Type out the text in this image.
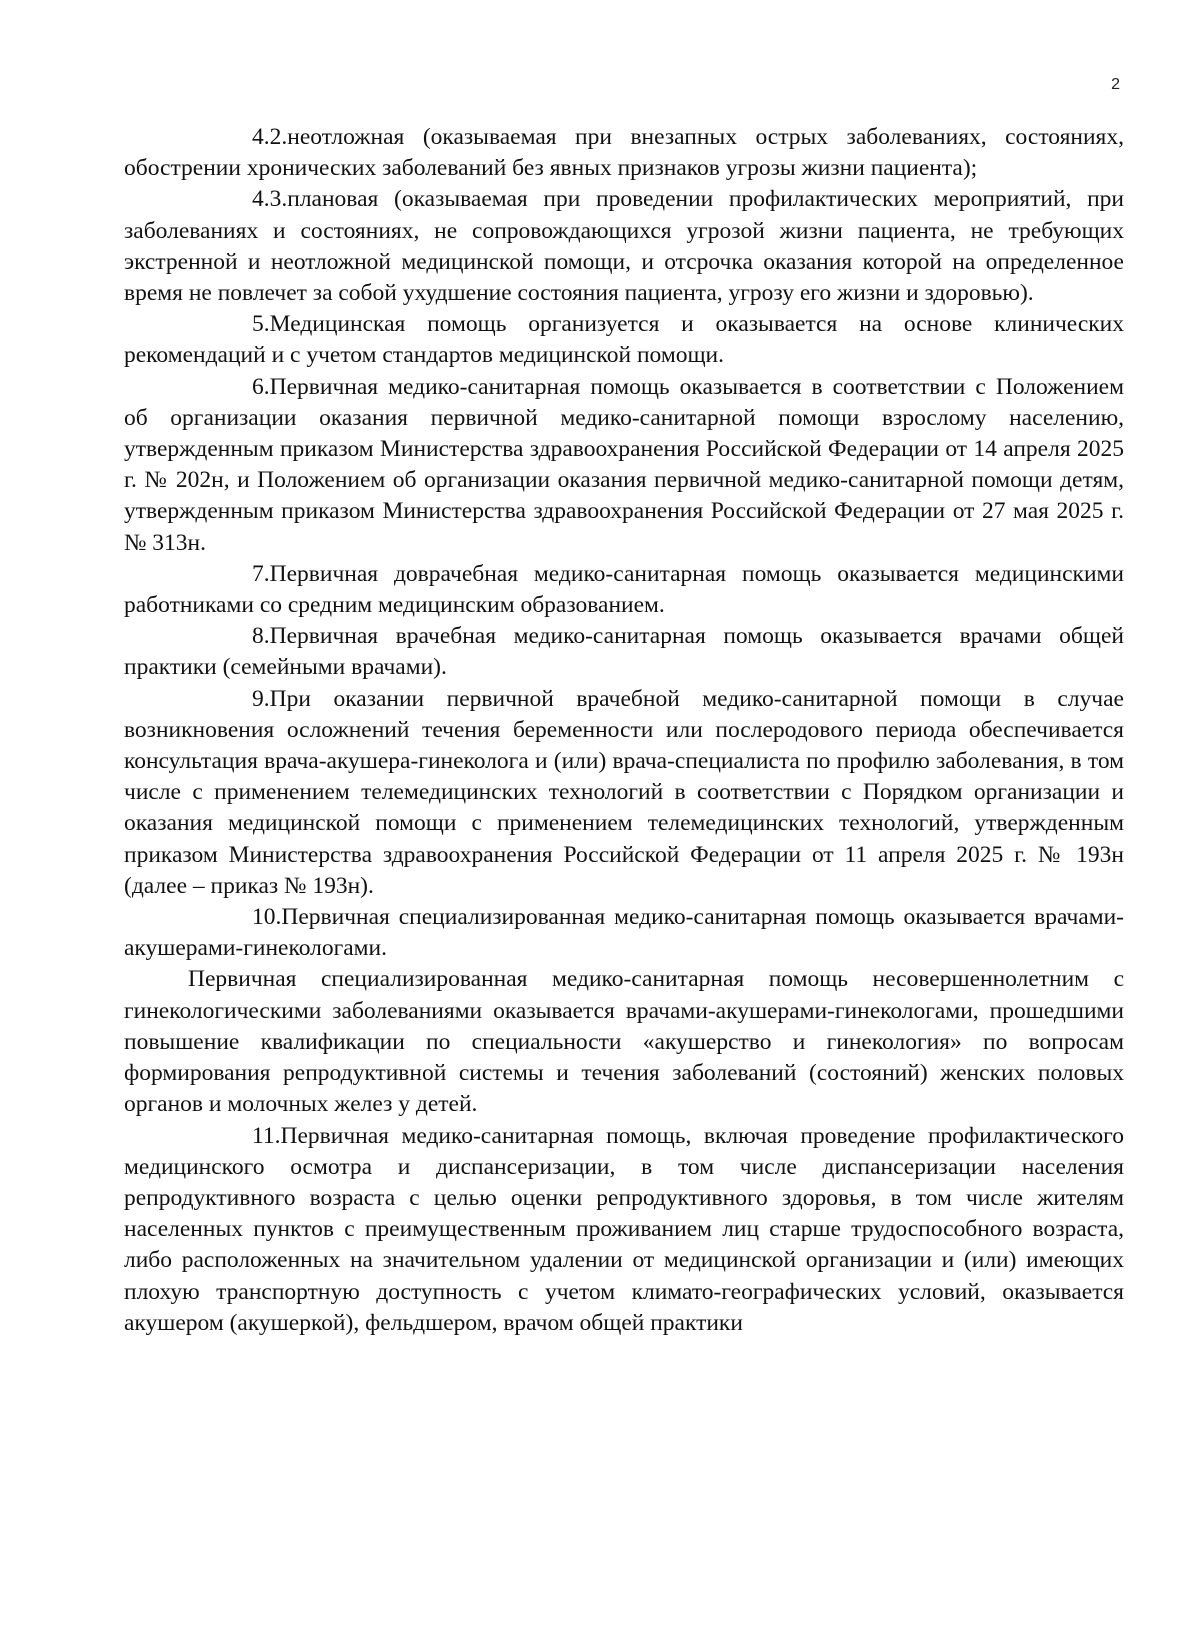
2

4.2.неотложная (оказываемая при внезапных острых заболеваниях, состояниях, обострении хронических заболеваний без явных признаков угрозы жизни пациента);

4.3.плановая (оказываемая при проведении профилактических мероприятий, при заболеваниях и состояниях, не сопровождающихся угрозой жизни пациента, не требующих экстренной и неотложной медицинской помощи, и отсрочка оказания которой на определенное время не повлечет за собой ухудшение состояния пациента, угрозу его жизни и здоровью).

5.Медицинская помощь организуется и оказывается на основе клинических рекомендаций и с учетом стандартов медицинской помощи.

6.Первичная медико-санитарная помощь оказывается в соответствии с Положением об организации оказания первичной медико-санитарной помощи взрослому населению, утвержденным приказом Министерства здравоохранения Российской Федерации от 14 апреля 2025 г. № 202н, и Положением об организации оказания первичной медико-санитарной помощи детям, утвержденным приказом Министерства здравоохранения Российской Федерации от 27 мая 2025 г. № 313н.

7.Первичная доврачебная медико-санитарная помощь оказывается медицинскими работниками со средним медицинским образованием.

8.Первичная врачебная медико-санитарная помощь оказывается врачами общей практики (семейными врачами).

9.При оказании первичной врачебной медико-санитарной помощи в случае возникновения осложнений течения беременности или послеродового периода обеспечивается консультация врача-акушера-гинеколога и (или) врача-специалиста по профилю заболевания, в том числе с применением телемедицинских технологий в соответствии с Порядком организации и оказания медицинской помощи с применением телемедицинских технологий, утвержденным приказом Министерства здравоохранения Российской Федерации от 11 апреля 2025 г. № 193н (далее – приказ № 193н).

10.Первичная специализированная медико-санитарная помощь оказывается врачами-акушерами-гинекологами.

Первичная специализированная медико-санитарная помощь несовершеннолетним с гинекологическими заболеваниями оказывается врачами-акушерами-гинекологами, прошедшими повышение квалификации по специальности «акушерство и гинекология» по вопросам формирования репродуктивной системы и течения заболеваний (состояний) женских половых органов и молочных желез у детей.

11.Первичная медико-санитарная помощь, включая проведение профилактического медицинского осмотра и диспансеризации, в том числе диспансеризации населения репродуктивного возраста с целью оценки репродуктивного здоровья, в том числе жителям населенных пунктов с преимущественным проживанием лиц старше трудоспособного возраста, либо расположенных на значительном удалении от медицинской организации и (или) имеющих плохую транспортную доступность с учетом климато-географических условий, оказывается акушером (акушеркой), фельдшером, врачом общей практики
